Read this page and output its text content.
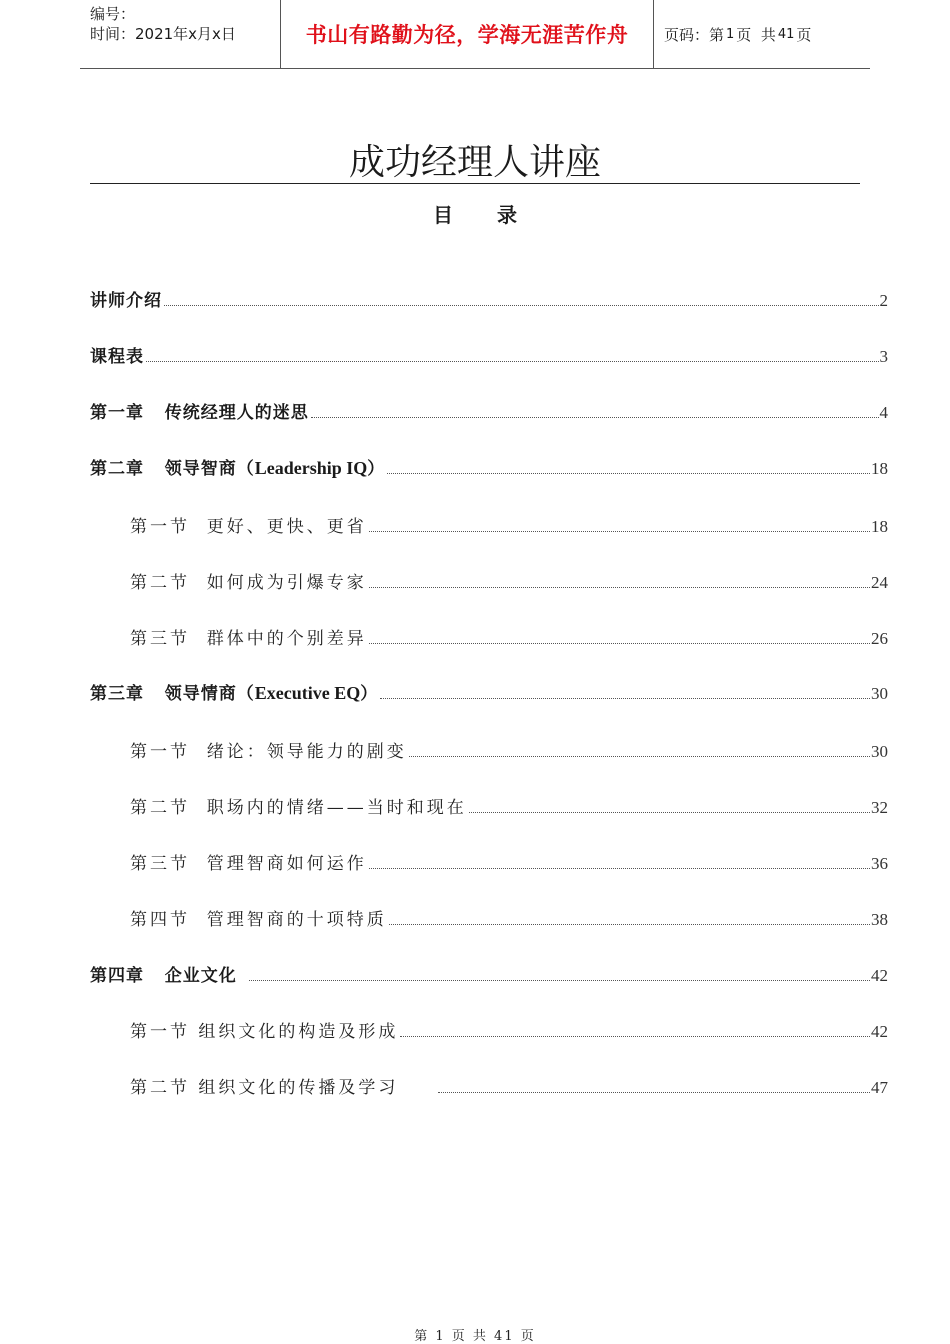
编号：
时间：2021年x月x日	书山有路勤为径，学海无涯苦作舟	页码：第 1 页  共 41 页
成功经理人讲座
目录
讲师介绍	2
课程表	3
第一章   传统经理人的迷思	4
第二章   领导智商（Leadership IQ）	18
第一节  更好、更快、更省	18
第二节  如何成为引爆专家	24
第三节  群体中的个别差异	26
第三章   领导情商（Executive EQ）	30
第一节  绪论：领导能力的剧变	30
第二节  职场内的情绪——当时和现在	32
第三节  管理智商如何运作	36
第四节  管理智商的十项特质	38
第四章   企业文化	42
第一节 组织文化的构造及形成	42
第二节 组织文化的传播及学习	47
第 1 页 共 41 页
